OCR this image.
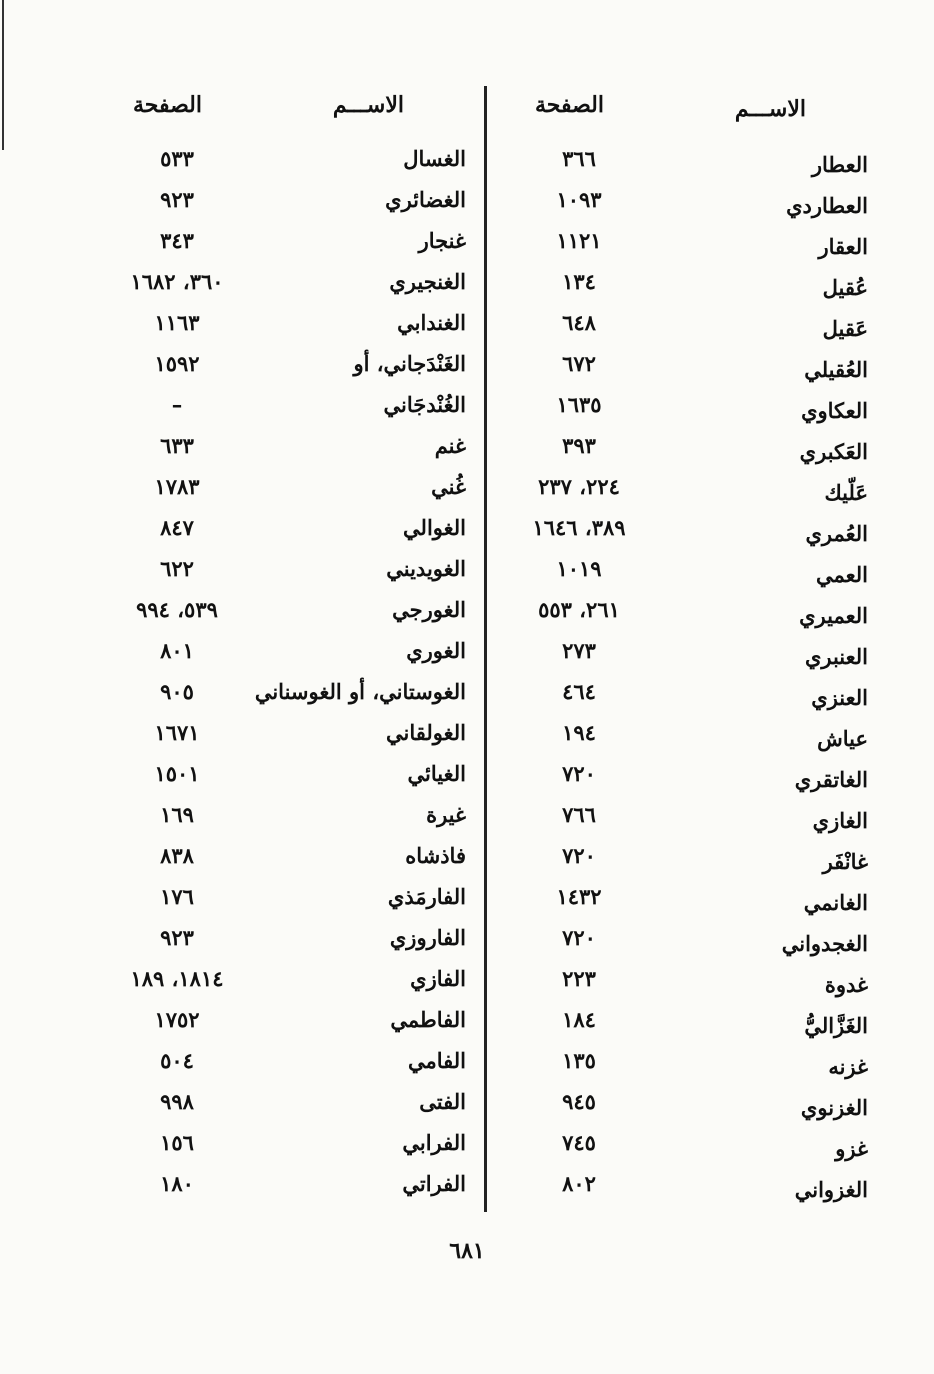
الاســـم
الصفحة
العطار
٣٦٦
العطاردي
١٠٩٣
العقار
١١٢١
عُقيل
١٣٤
عَقيل
٦٤٨
العُقيلي
٦٧٢
العكاوي
١٦٣٥
العَكبري
٣٩٣
عَلّيك
٢٢٤، ٢٣٧
العُمري
٣٨٩، ١٦٤٦
العمي
١٠١٩
العميري
٢٦١، ٥٥٣
العنبري
٢٧٣
العنزي
٤٦٤
عياش
١٩٤
الغاتقري
٧٢٠
الغازي
٧٦٦
غانْفَر
٧٢٠
الغانمي
١٤٣٢
الغجدواني
٧٢٠
غدوة
٢٢٣
الغَزَّاليُّ
١٨٤
غزنه
١٣٥
الغزنوي
٩٤٥
غزو
٧٤٥
الغزواني
٨٠٢
الاســـم
الصفحة
الغسال
٥٣٣
الغضائري
٩٢٣
غنجار
٣٤٣
الغنجيري
٣٦٠، ١٦٨٢
الغندابي
١١٦٣
الغَنْدَجاني، أو
١٥٩٢
الغُنْدجَاني
–
غنم
٦٣٣
غُني
١٧٨٣
الغوالي
٨٤٧
الغويديني
٦٢٢
الغورجي
٥٣٩، ٩٩٤
الغوري
٨٠١
الغوستاني، أو الغوسناني
٩٠٥
الغولقاني
١٦٧١
الغيائي
١٥٠١
غيرة
١٦٩
فاذشاه
٨٣٨
الفارمَذي
١٧٦
الفاروزي
٩٢٣
الفازي
١٨١٤، ١٨٩
الفاطمي
١٧٥٢
الفامي
٥٠٤
الفتى
٩٩٨
الفرابي
١٥٦
الفراتي
١٨٠
٦٨١
